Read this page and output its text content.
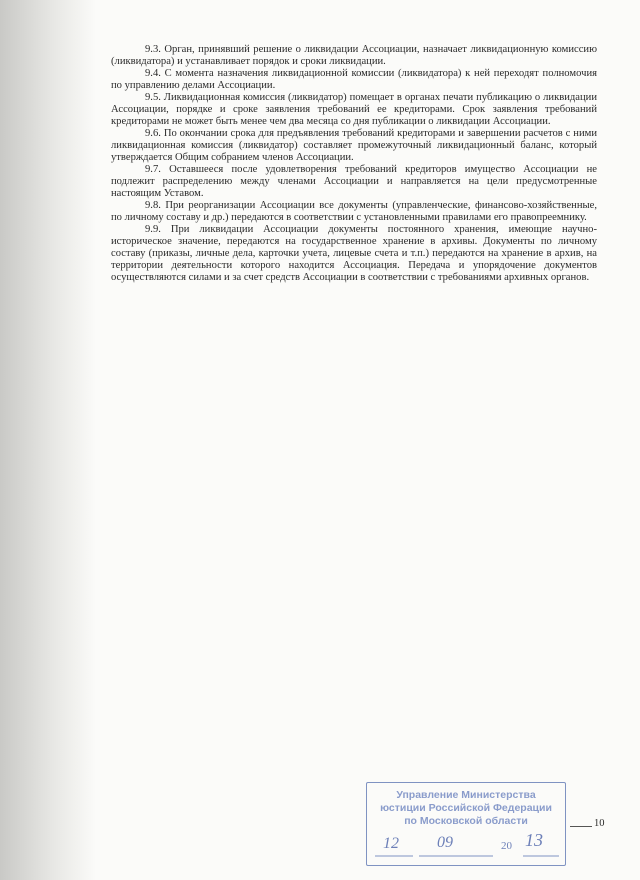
9.3. Орган, принявший решение о ликвидации Ассоциации, назначает ликвидационную комиссию (ликвидатора) и устанавливает порядок и сроки ликвидации.

9.4. С момента назначения ликвидационной комиссии (ликвидатора) к ней переходят полномочия по управлению делами Ассоциации.

9.5. Ликвидационная комиссия (ликвидатор) помещает в органах печати публикацию о ликвидации Ассоциации, порядке и сроке заявления требований ее кредиторами. Срок заявления требований кредиторами не может быть менее чем два месяца со дня публикации о ликвидации Ассоциации.

9.6. По окончании срока для предъявления требований кредиторами и завершении расчетов с ними ликвидационная комиссия (ликвидатор) составляет промежуточный ликвидационный баланс, который утверждается Общим собранием членов Ассоциации.

9.7. Оставшееся после удовлетворения требований кредиторов имущество Ассоциации не подлежит распределению между членами Ассоциации и направляется на цели предусмотренные настоящим Уставом.

9.8. При реорганизации Ассоциации все документы (управленческие, финансово-хозяйственные, по личному составу и др.) передаются в соответствии с установленными правилами его правопреемнику.

9.9. При ликвидации Ассоциации документы постоянного хранения, имеющие научно-историческое значение, передаются на государственное хранение в архивы. Документы по личному составу (приказы, личные дела, карточки учета, лицевые счета и т.п.) передаются на хранение в архив, на территории деятельности которого находится Ассоциация. Передача и упорядочение документов осуществляются силами и за счет средств Ассоциации в соответствии с требованиями архивных органов.

Управление Министерства
юстиции Российской Федерации
по Московской области
12 09	20 13
10
